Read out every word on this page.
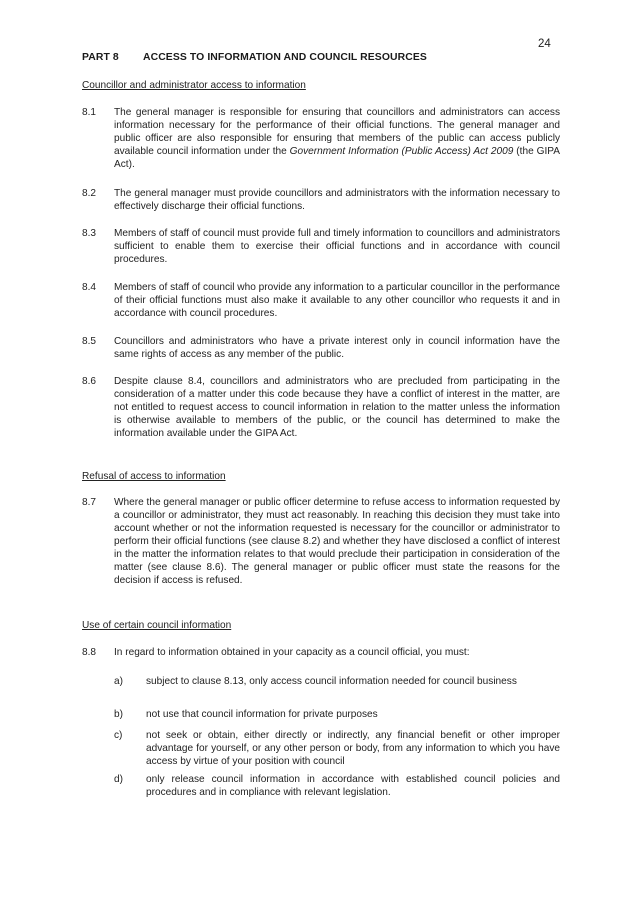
24
PART 8 ACCESS TO INFORMATION AND COUNCIL RESOURCES
Councillor and administrator access to information
8.1 The general manager is responsible for ensuring that councillors and administrators can access information necessary for the performance of their official functions. The general manager and public officer are also responsible for ensuring that members of the public can access publicly available council information under the Government Information (Public Access) Act 2009 (the GIPA Act).
8.2 The general manager must provide councillors and administrators with the information necessary to effectively discharge their official functions.
8.3 Members of staff of council must provide full and timely information to councillors and administrators sufficient to enable them to exercise their official functions and in accordance with council procedures.
8.4 Members of staff of council who provide any information to a particular councillor in the performance of their official functions must also make it available to any other councillor who requests it and in accordance with council procedures.
8.5 Councillors and administrators who have a private interest only in council information have the same rights of access as any member of the public.
8.6 Despite clause 8.4, councillors and administrators who are precluded from participating in the consideration of a matter under this code because they have a conflict of interest in the matter, are not entitled to request access to council information in relation to the matter unless the information is otherwise available to members of the public, or the council has determined to make the information available under the GIPA Act.
Refusal of access to information
8.7 Where the general manager or public officer determine to refuse access to information requested by a councillor or administrator, they must act reasonably. In reaching this decision they must take into account whether or not the information requested is necessary for the councillor or administrator to perform their official functions (see clause 8.2) and whether they have disclosed a conflict of interest in the matter the information relates to that would preclude their participation in consideration of the matter (see clause 8.6). The general manager or public officer must state the reasons for the decision if access is refused.
Use of certain council information
8.8 In regard to information obtained in your capacity as a council official, you must:
a) subject to clause 8.13, only access council information needed for council business
b) not use that council information for private purposes
c) not seek or obtain, either directly or indirectly, any financial benefit or other improper advantage for yourself, or any other person or body, from any information to which you have access by virtue of your position with council
d) only release council information in accordance with established council policies and procedures and in compliance with relevant legislation.
